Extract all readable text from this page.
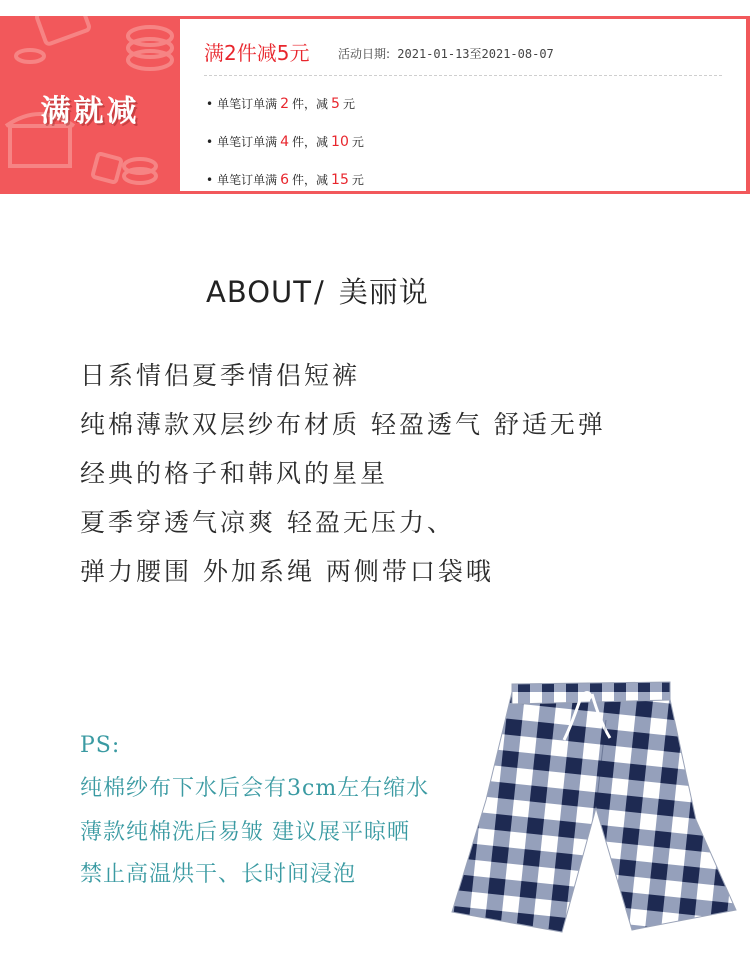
满就减
满2件减5元 活动日期: 2021-01-13至2021-08-07
• 单笔订单满 2 件，减 5 元
• 单笔订单满 4 件，减 10 元
• 单笔订单满 6 件，减 15 元
ABOUT/ 美丽说
日系情侣夏季情侣短裤
纯棉薄款双层纱布材质 轻盈透气 舒适无弹
经典的格子和韩风的星星
夏季穿透气凉爽 轻盈无压力、
弹力腰围 外加系绳 两侧带口袋哦
PS:
纯棉纱布下水后会有3cm左右缩水
薄款纯棉洗后易皱 建议展平晾晒
禁止高温烘干、长时间浸泡
